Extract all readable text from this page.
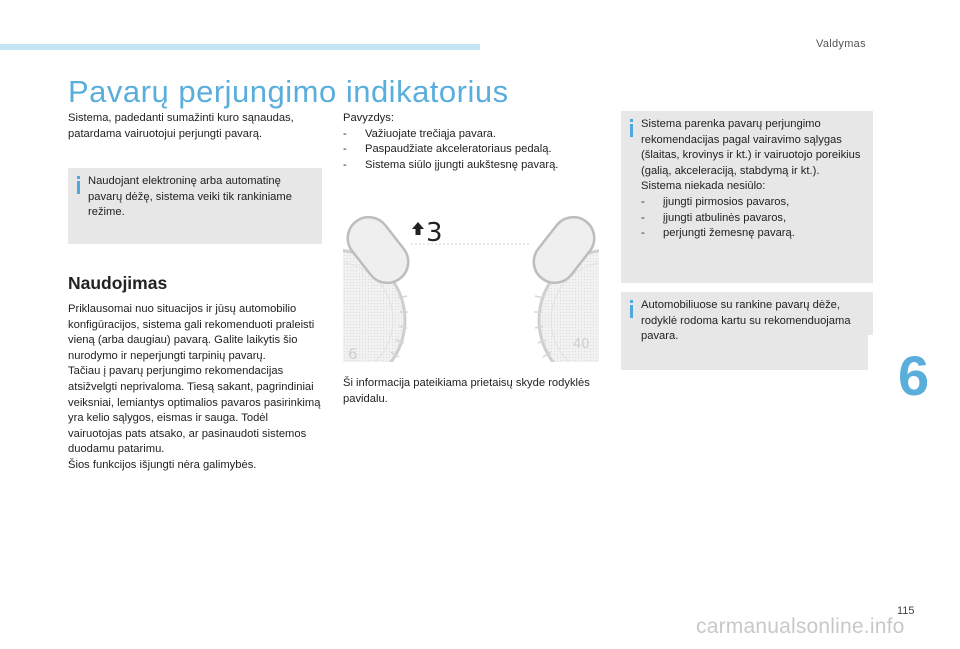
Valdymas
Pavarų perjungimo indikatorius
Sistema, padedanti sumažinti kuro sąnaudas, patardama vairuotojui perjungti pavarą.
Naudojant elektroninę arba automatinę pavarų dėžę, sistema veiki tik rankiniame režime.
Naudojimas
Priklausomai nuo situacijos ir jūsų automobilio konfigūracijos, sistema gali rekomenduoti praleisti vieną (arba daugiau) pavarą. Galite laikytis šio nurodymo ir neperjungti tarpinių pavarų.
Tačiau į pavarų perjungimo rekomendacijas atsižvelgti neprivaloma. Tiesą sakant, pagrindiniai veiksniai, lemiantys optimalios pavaros pasirinkimą yra kelio sąlygos, eismas ir sauga. Todėl vairuotojas pats atsako, ar pasinaudoti sistemos duodamu patarimu.
Šios funkcijos išjungti nėra galimybės.
Pavyzdys:
- Važiuojate trečiąja pavara.
- Paspaudžiate akceleratoriaus pedalą.
- Sistema siūlo įjungti aukštesnę pavarą.
3
6
40
Ši informacija pateikiama prietaisų skyde rodyklės pavidalu.
Sistema parenka pavarų perjungimo rekomendacijas pagal vairavimo sąlygas (šlaitas, krovinys ir kt.) ir vairuotojo poreikius (galią, akceleraciją, stabdymą ir kt.).
Sistema niekada nesiūlo:
- įjungti pirmosios pavaros,
- įjungti atbulinės pavaros,
- perjungti žemesnę pavarą.
Automobiliuose su rankine pavarų dėže, rodyklė rodoma kartu su rekomenduojama pavara.
6
115
carmanualsonline.info
